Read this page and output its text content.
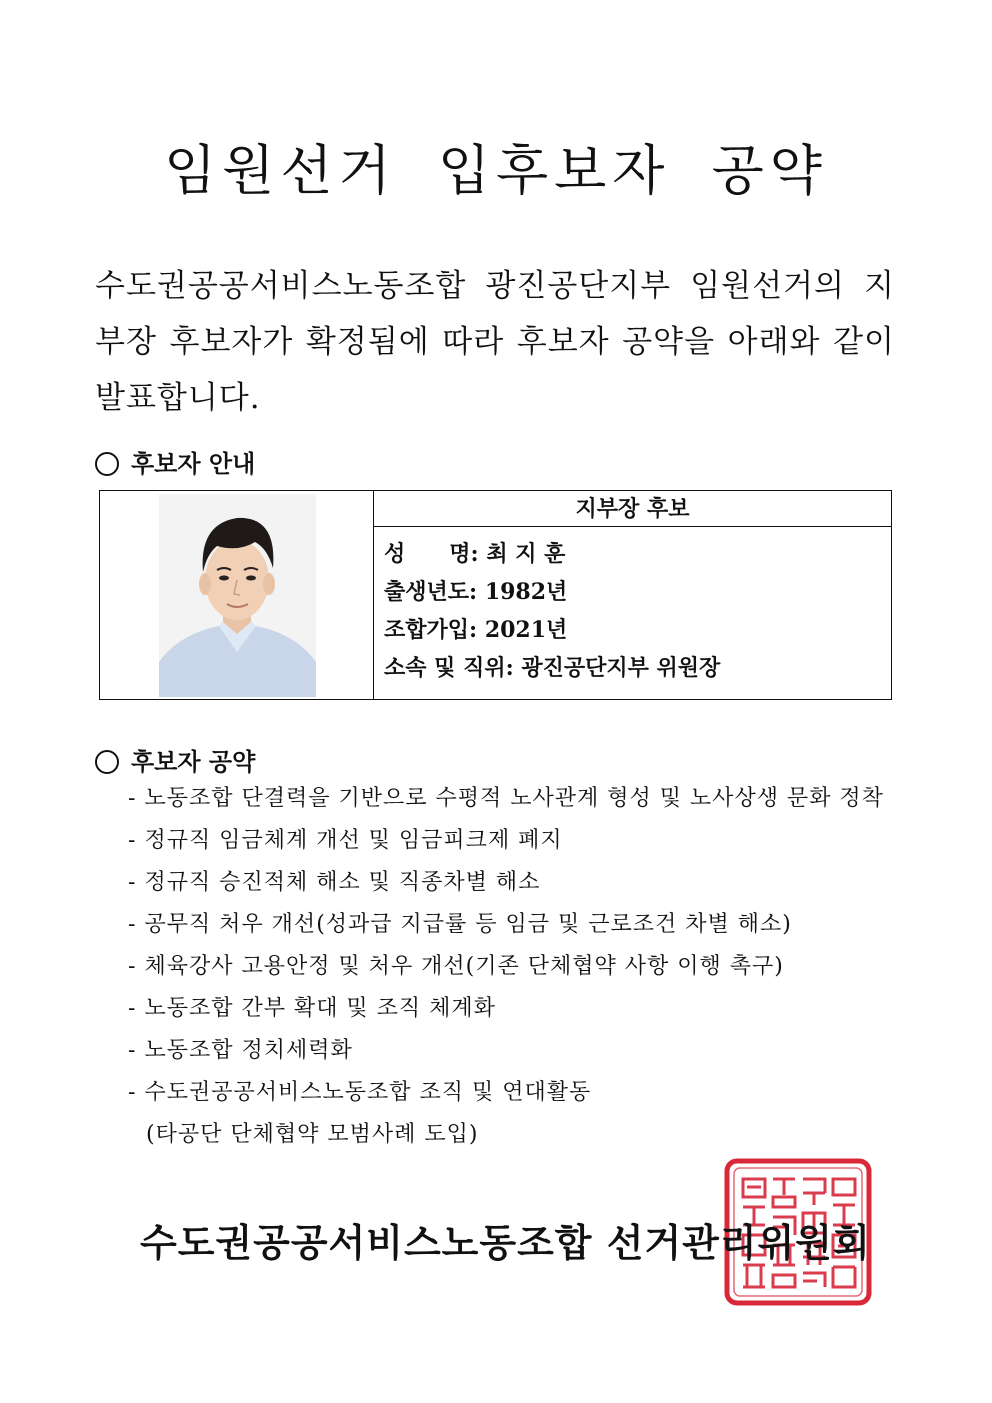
임원선거 입후보자 공약

수도권공공서비스노동조합 광진공단지부 임원선거의 지부장 후보자가 확정됨에 따라 후보자 공약을 아래와 같이 발표합니다.

후보자 안내
지부장 후보
성　　명: 최 지 훈
출생년도: 1982년
조합가입: 2021년
소속 및 직위: 광진공단지부 위원장
후보자 공약
- 노동조합 단결력을 기반으로 수평적 노사관계 형성 및 노사상생 문화 정착
- 정규직 임금체계 개선 및 임금피크제 폐지
- 정규직 승진적체 해소 및 직종차별 해소
- 공무직 처우 개선(성과급 지급률 등 임금 및 근로조건 차별 해소)
- 체육강사 고용안정 및 처우 개선(기존 단체협약 사항 이행 촉구)
- 노동조합 간부 확대 및 조직 체계화
- 노동조합 정치세력화
- 수도권공공서비스노동조합 조직 및 연대활동
(타공단 단체협약 모범사례 도입)

수도권공공서비스노동조합 선거관리위원회
